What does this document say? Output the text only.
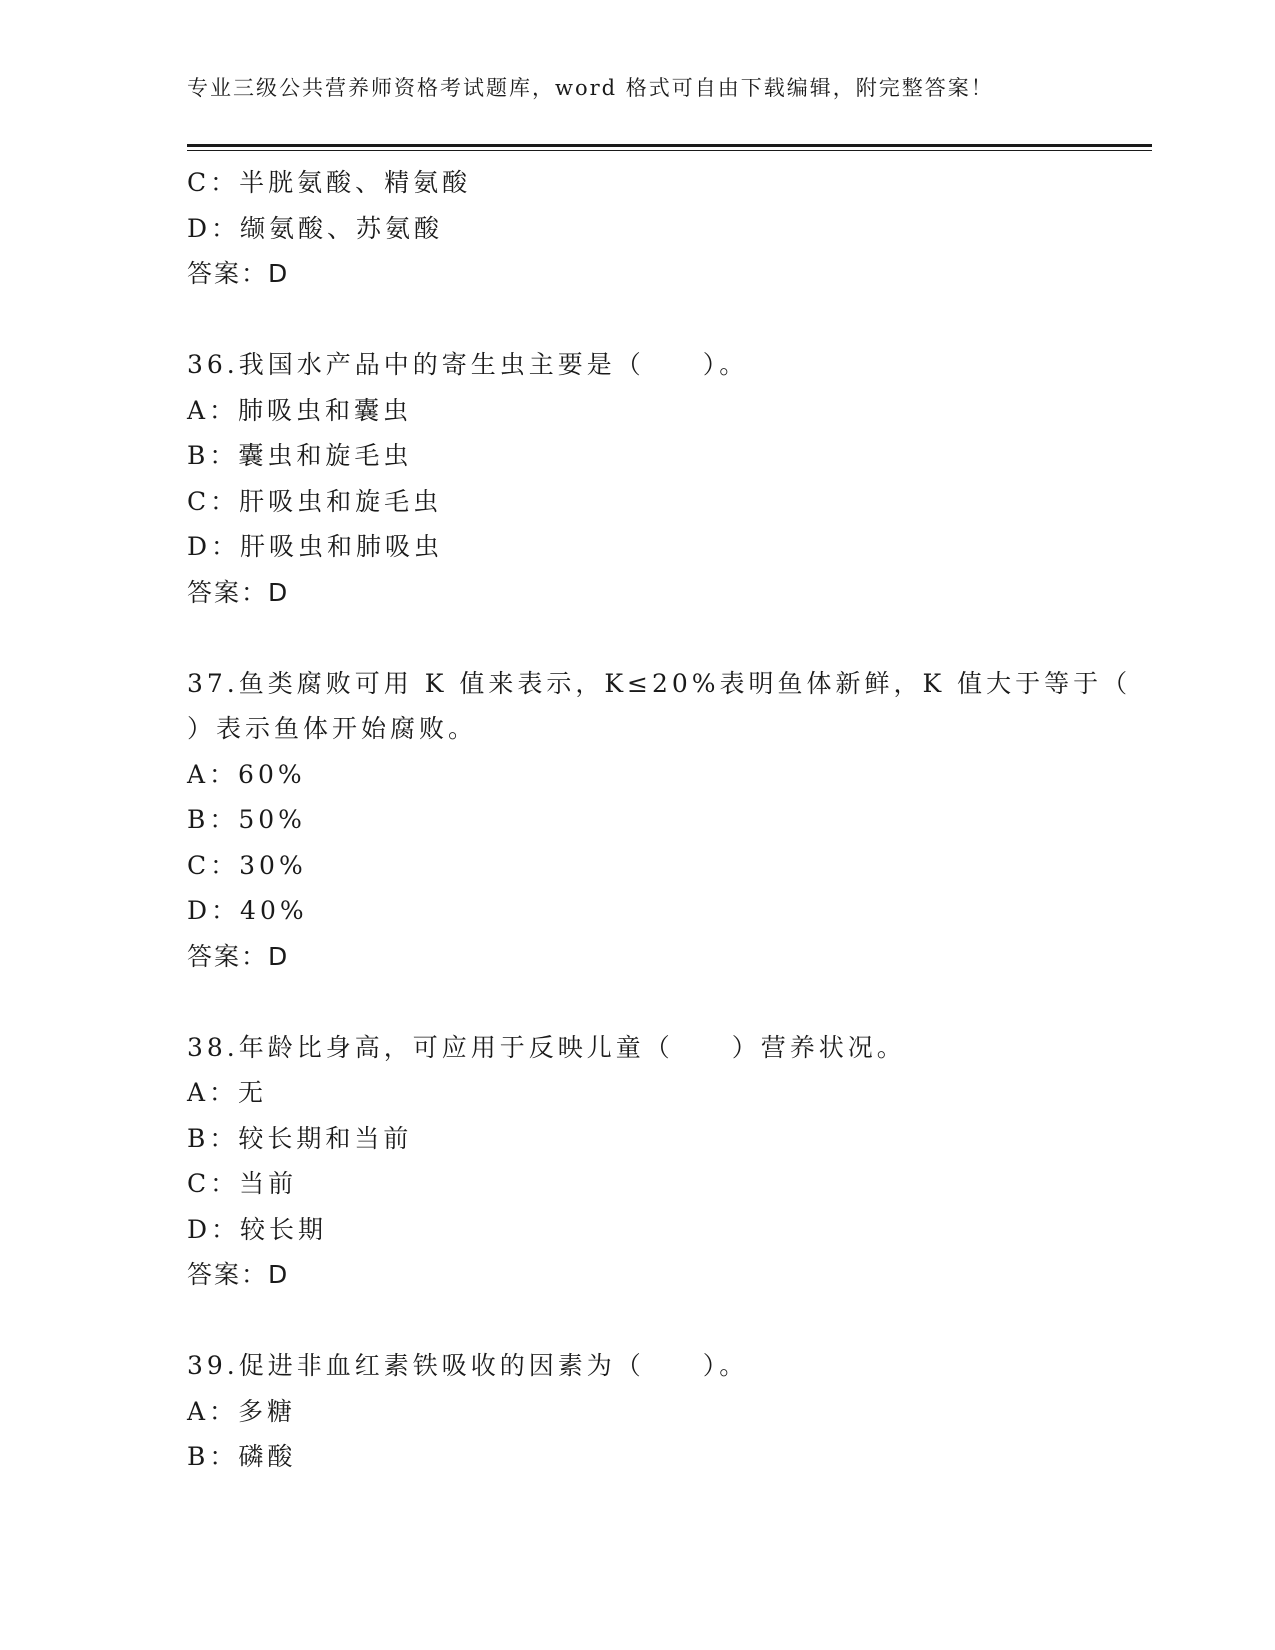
专业三级公共营养师资格考试题库，word 格式可自由下载编辑，附完整答案！
C：半胱氨酸、精氨酸
D：缬氨酸、苏氨酸
答案：D
36.我国水产品中的寄生虫主要是（　　）。
A：肺吸虫和囊虫
B：囊虫和旋毛虫
C：肝吸虫和旋毛虫
D：肝吸虫和肺吸虫
答案：D
37.鱼类腐败可用 K 值来表示，K≤20%表明鱼体新鲜，K 值大于等于（
）表示鱼体开始腐败。
A：60%
B：50%
C：30%
D：40%
答案：D
38.年龄比身高，可应用于反映儿童（　　）营养状况。
A：无
B：较长期和当前
C：当前
D：较长期
答案：D
39.促进非血红素铁吸收的因素为（　　）。
A：多糖
B：磷酸
